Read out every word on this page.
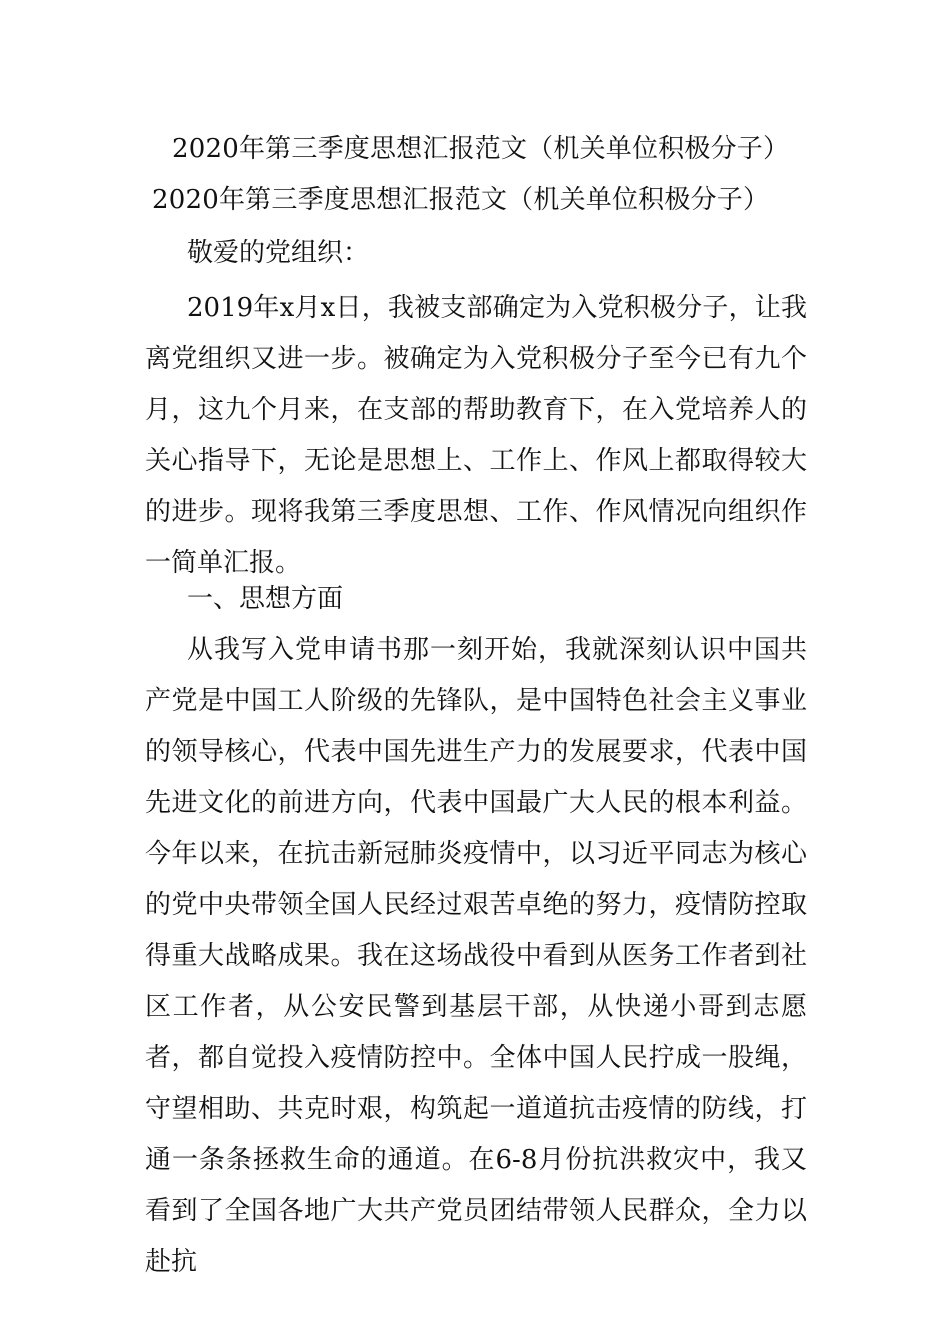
2020年第三季度思想汇报范文（机关单位积极分子）
2020年第三季度思想汇报范文（机关单位积极分子）
敬爱的党组织：

2019年x月x日，我被支部确定为入党积极分子，让我离党组织又进一步。被确定为入党积极分子至今已有九个月，这九个月来，在支部的帮助教育下，在入党培养人的关心指导下，无论是思想上、工作上、作风上都取得较大的进步。现将我第三季度思想、工作、作风情况向组织作一简单汇报。

一、思想方面

从我写入党申请书那一刻开始，我就深刻认识中国共产党是中国工人阶级的先锋队，是中国特色社会主义事业的领导核心，代表中国先进生产力的发展要求，代表中国先进文化的前进方向，代表中国最广大人民的根本利益。今年以来，在抗击新冠肺炎疫情中，以习近平同志为核心的党中央带领全国人民经过艰苦卓绝的努力，疫情防控取得重大战略成果。我在这场战役中看到从医务工作者到社区工作者，从公安民警到基层干部，从快递小哥到志愿者，都自觉投入疫情防控中。全体中国人民拧成一股绳，守望相助、共克时艰，构筑起一道道抗击疫情的防线，打通一条条拯救生命的通道。在6-8月份抗洪救灾中，我又看到了全国各地广大共产党员团结带领人民群众，全力以赴抗
